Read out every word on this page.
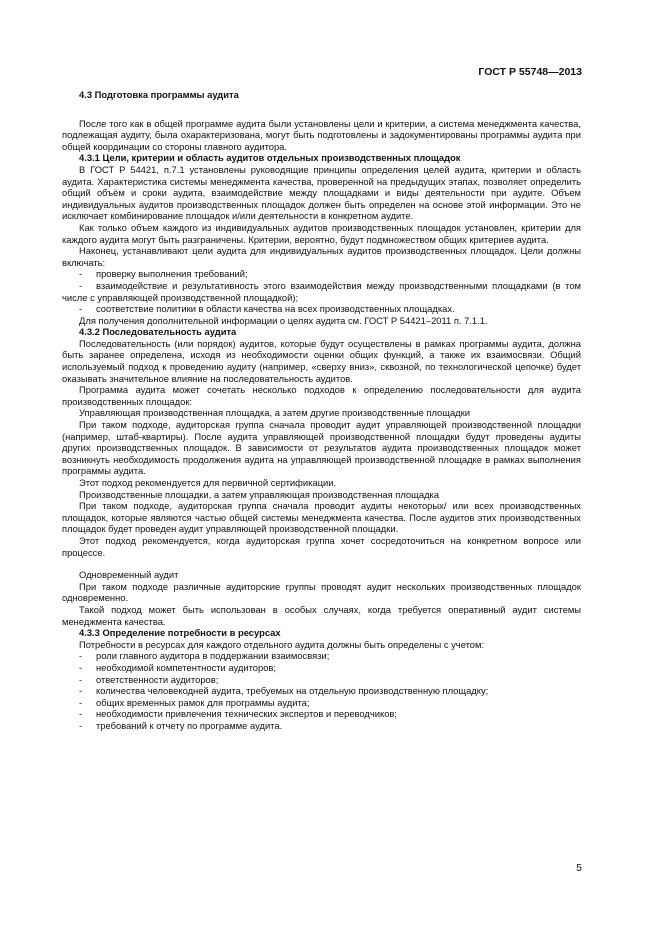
ГОСТ Р 55748—2013

4.3 Подготовка программы аудита

После того как в общей программе аудита были установлены цели и критерии, а система менеджмента качества, подлежащая аудиту, была охарактеризована, могут быть подготовлены и задокументированы программы аудита при общей координации со стороны главного аудитора.

4.3.1 Цели, критерии и область аудитов отдельных производственных площадок

В ГОСТ Р 54421, п.7.1 установлены руководящие принципы определения целей аудита, критерии и область аудита. Характеристика системы менеджмента качества, проверенной на предыдущих этапах, позволяет определить общий объём и сроки аудита, взаимодействие между площадками и виды деятельности при аудите. Объем индивидуальных аудитов производственных площадок должен быть определен на основе этой информации. Это не исключает комбинирование площадок и/или деятельности в конкретном аудите.

Как только объем каждого из индивидуальных аудитов производственных площадок установлен, критерии для каждого аудита могут быть разграничены. Критерии, вероятно, будут подмножеством общих критериев аудита.

Наконец, устанавливают цели аудита для индивидуальных аудитов производственных площадок. Цели должны включать:

- проверку выполнения требований;

- взаимодействие и результативность этого взаимодействия между производственными площадками (в том числе с управляющей производственной площадкой);

- соответствие политики в области качества на всех производственных площадках.

Для получения дополнительной информации о целях аудита см. ГОСТ Р 54421–2011 п. 7.1.1.

4.3.2 Последовательность аудита

Последовательность (или порядок) аудитов, которые будут осуществлены в рамках программы аудита, должна быть заранее определена, исходя из необходимости оценки общих функций, а также их взаимосвязи. Общий используемый подход к проведению аудиту (например, «сверху вниз», сквозной, по технологической цепочке) будет оказывать значительное влияние на последовательность аудитов.

Программа аудита может сочетать несколько подходов к определению последовательности для аудита производственных площадок:

Управляющая производственная площадка, а затем другие производственные площадки

При таком подходе, аудиторская группа сначала проводит аудит управляющей производственной площадки (например, штаб-квартиры). После аудита управляющей производственной площадки будут проведены аудиты других производственных площадок. В зависимости от результатов аудита производственных площадок может возникнуть необходимость продолжения аудита на управляющей производственной площадке в рамках выполнения программы аудита.

Этот подход рекомендуется для первичной сертификации.

Производственные площадки, а затем управляющая производственная площадка

При таком подходе, аудиторская группа сначала проводит аудиты некоторых/ или всех производственных площадок, которые являются частью общей системы менеджмента качества. После аудитов этих производственных площадок будет проведен аудит управляющей производственной площадки.

Этот подход рекомендуется, когда аудиторская группа хочет сосредоточиться на конкретном вопросе или процессе.

Одновременный аудит

При таком подходе различные аудиторские группы проводят аудит нескольких производственных площадок одновременно.

Такой подход может быть использован в особых случаях, когда требуется оперативный аудит системы менеджмента качества.

4.3.3 Определение потребности в ресурсах

Потребности в ресурсах для каждого отдельного аудита должны быть определены с учетом:

- роли главного аудитора в поддержании взаимосвязи;

- необходимой компетентности аудиторов;

- ответственности аудиторов;

- количества человекодней аудита, требуемых на отдельную производственную площадку;

- общих временных рамок для программы аудита;

- необходимости привлечения технических экспертов и переводчиков;

- требований к отчету по программе аудита.

5
